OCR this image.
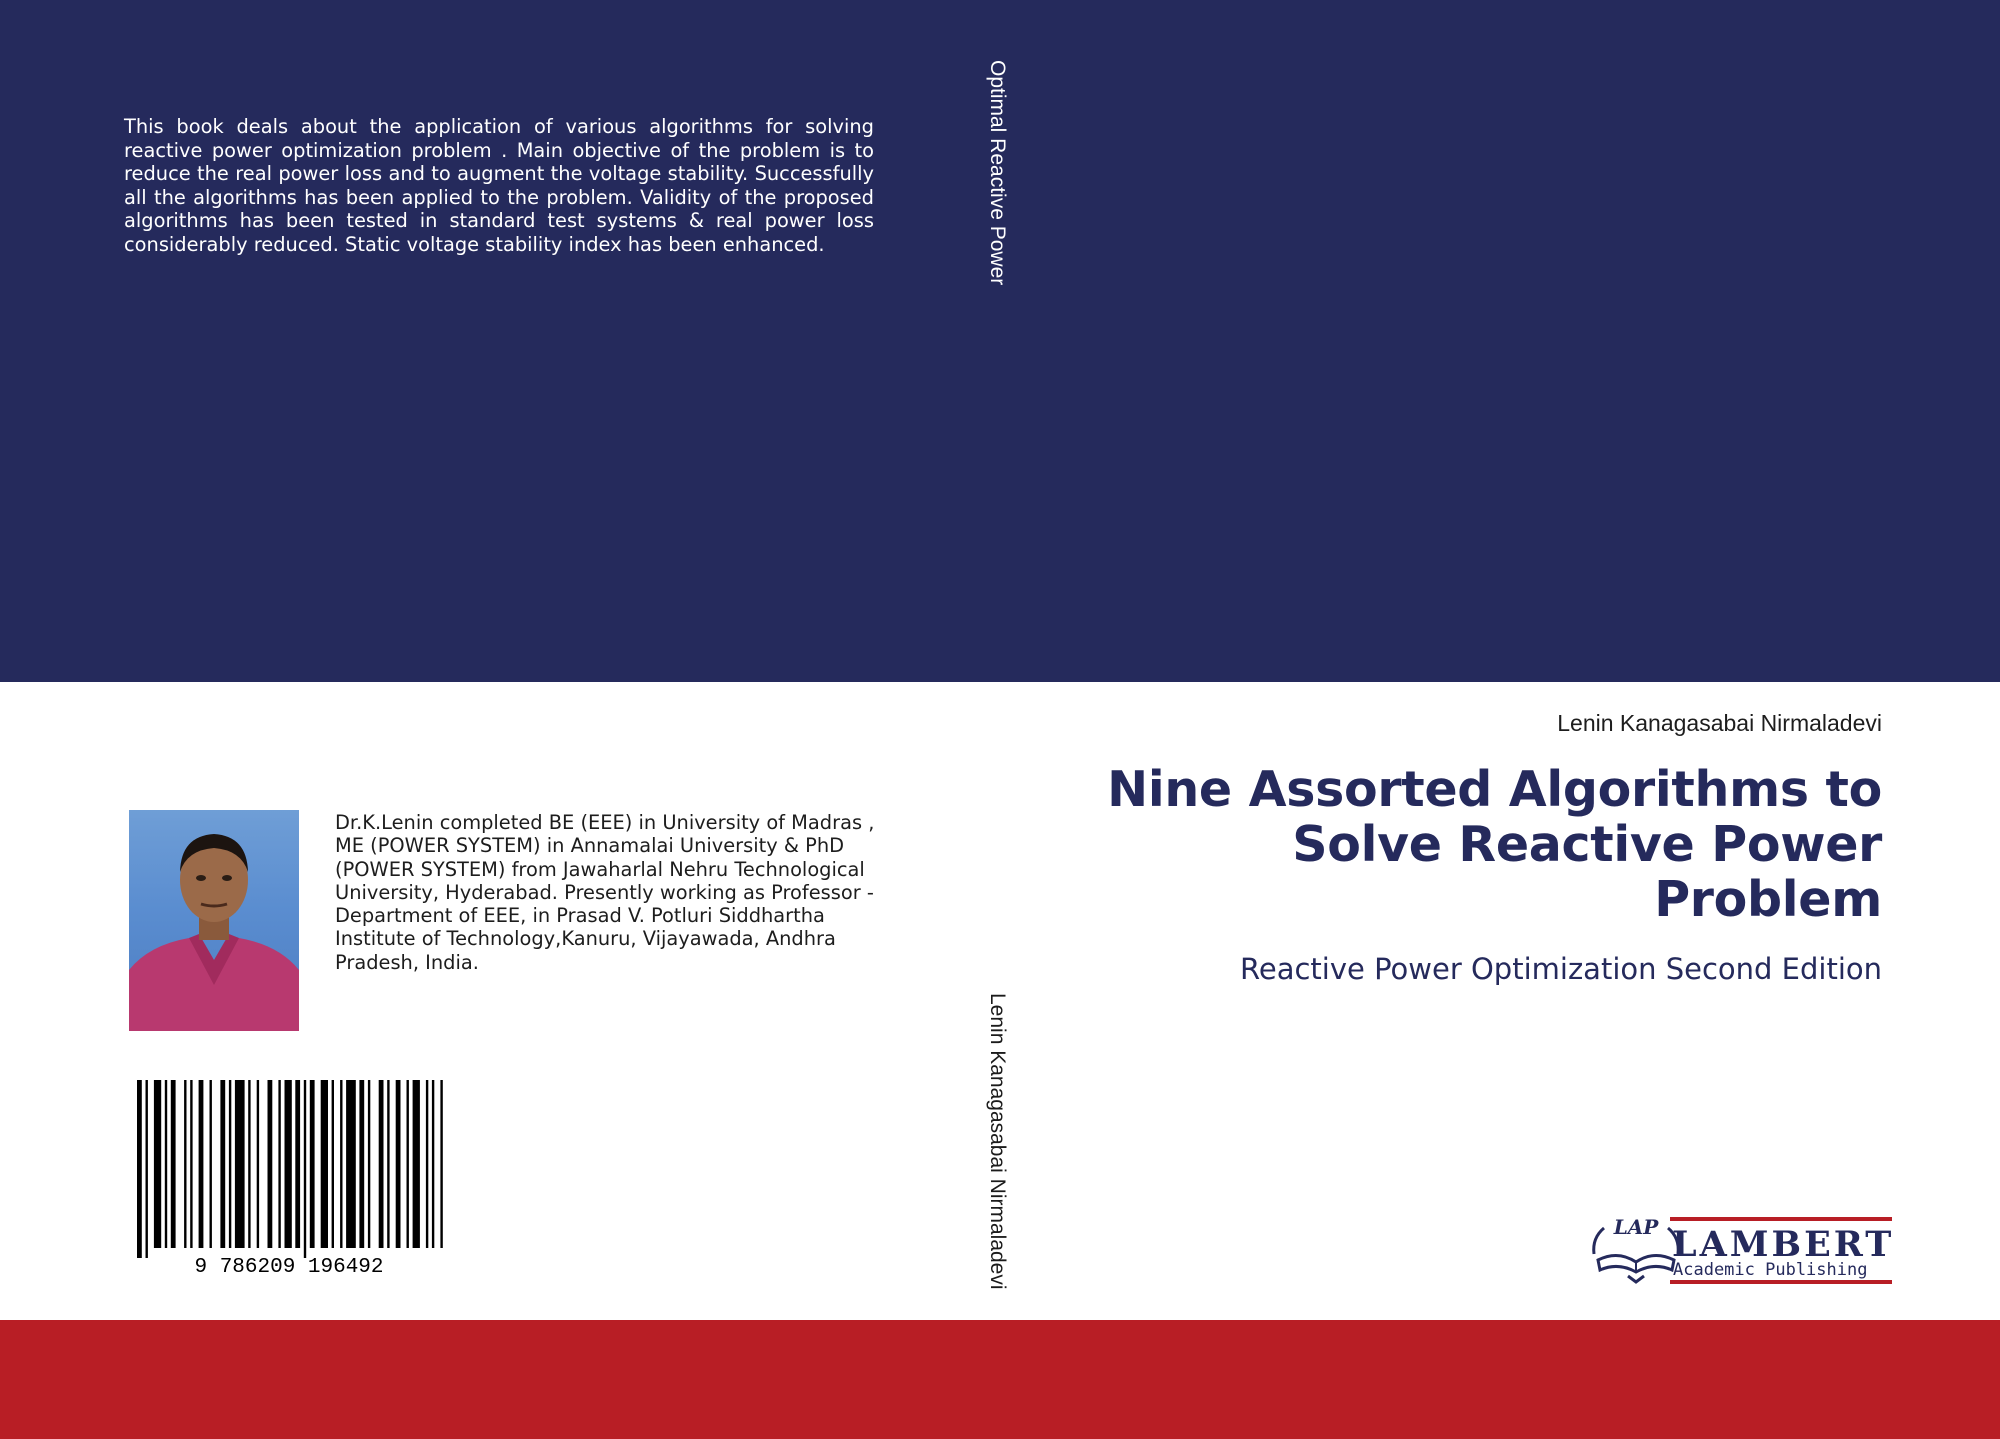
This book deals about the application of various algorithms for solving reactive power optimization problem . Main objective of the problem is to reduce the real power loss and to augment the voltage stability. Successfully all the algorithms has been applied to the problem. Validity of the proposed algorithms has been tested in standard test systems & real power loss considerably reduced. Static voltage stability index has been enhanced.	Optimal Reactive Power
Lenin Kanagasabai Nirmaladevi
Lenin Kanagasabai Nirmaladevi
Nine Assorted Algorithms to Solve Reactive Power Problem
Reactive Power Optimization Second Edition

Dr.K.Lenin completed BE (EEE) in University of Madras , ME (POWER SYSTEM) in Annamalai University & PhD (POWER SYSTEM) from Jawaharlal Nehru Technological University, Hyderabad. Presently working as Professor - Department of EEE, in Prasad V. Potluri Siddhartha Institute of Technology,Kanuru, Vijayawada, Andhra Pradesh, India.

9 786209 196492
LAP LAMBERT
Academic Publishing
